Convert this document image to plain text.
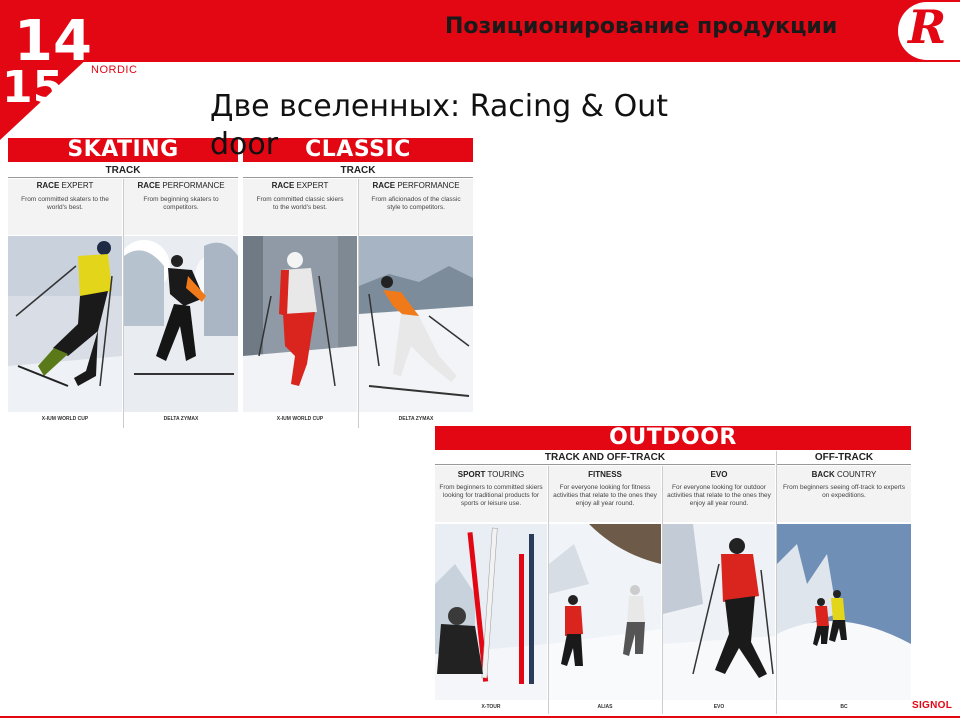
Позиционирование продукции
14
15	NORDIC
R
Две вселенных: Racing & Out door
SKATING
TRACK
RACE EXPERT
From committed skaters to the world's best.
RACE PERFORMANCE
From beginning skaters to competitors.
X-IUM WORLD CUP	DELTA ZYMAX
CLASSIC
TRACK
RACE EXPERT
From committed classic skiers to the world's best.
RACE PERFORMANCE
From aficionados of the classic style to competitors.
X-IUM WORLD CUP	DELTA ZYMAX
OUTDOOR
TRACK AND OFF-TRACK	OFF-TRACK
SPORT TOURING
From beginners to committed skiers looking for traditional products for sports or leisure use.
FITNESS
For everyone looking for fitness activities that relate to the ones they enjoy all year round.
EVO
For everyone looking for outdoor activities that relate to the ones they enjoy all year round.
BACK COUNTRY
From beginners seeing off-track to experts on expeditions.
X-TOUR	ALIAS	EVO	BC	SIGNOL
